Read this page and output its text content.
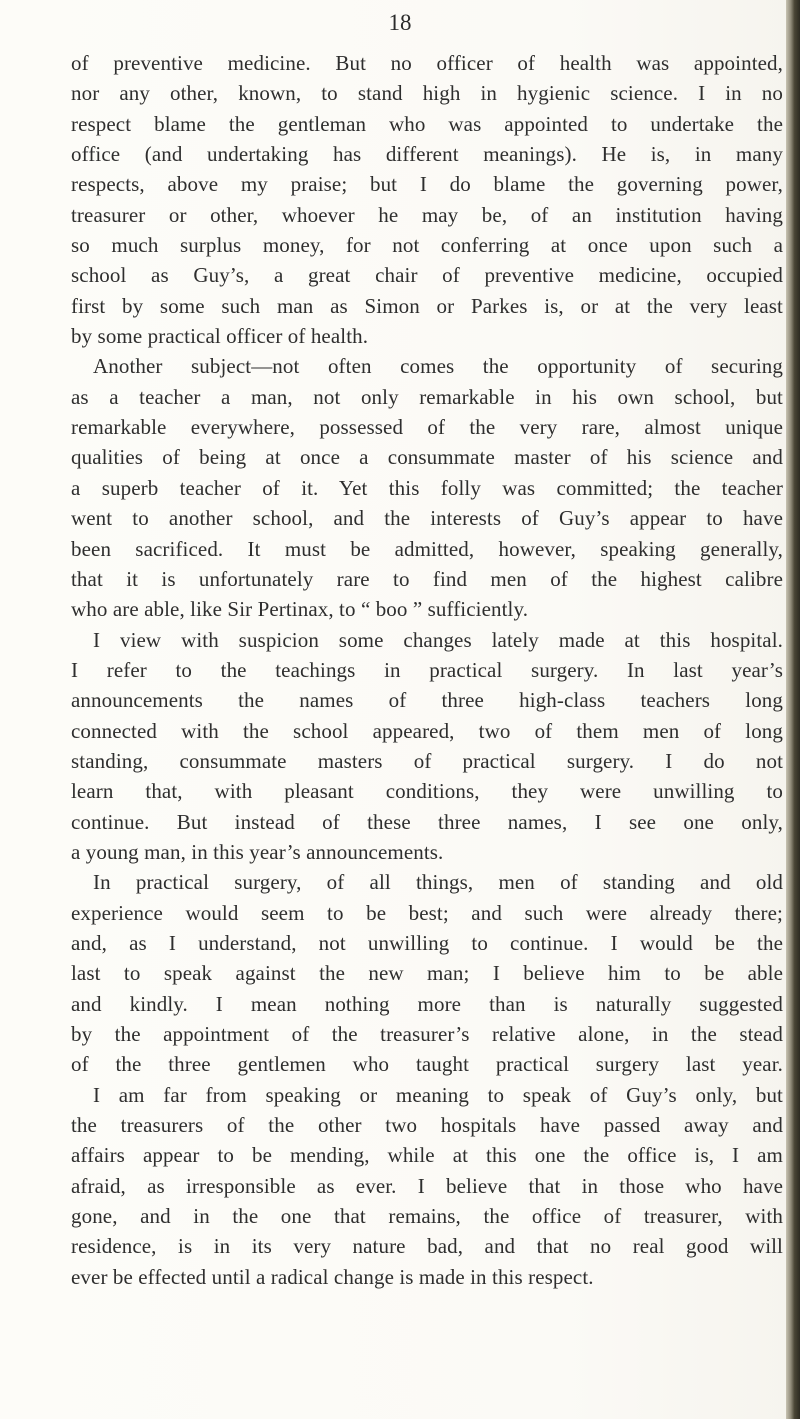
18
of preventive medicine. But no officer of health was appointed,
nor any other, known, to stand high in hygienic science. I in no
respect blame the gentleman who was appointed to undertake the
office (and undertaking has different meanings). He is, in many
respects, above my praise; but I do blame the governing power,
treasurer or other, whoever he may be, of an institution having
so much surplus money, for not conferring at once upon such a
school as Guy’s, a great chair of preventive medicine, occupied
first by some such man as Simon or Parkes is, or at the very least
by some practical officer of health.
Another subject—not often comes the opportunity of securing
as a teacher a man, not only remarkable in his own school, but
remarkable everywhere, possessed of the very rare, almost unique
qualities of being at once a consummate master of his science and
a superb teacher of it. Yet this folly was committed; the teacher
went to another school, and the interests of Guy’s appear to have
been sacrificed. It must be admitted, however, speaking generally,
that it is unfortunately rare to find men of the highest calibre
who are able, like Sir Pertinax, to “ boo ” sufficiently.
I view with suspicion some changes lately made at this hospital.
I refer to the teachings in practical surgery. In last year’s
announcements the names of three high-class teachers long
connected with the school appeared, two of them men of long
standing, consummate masters of practical surgery. I do not
learn that, with pleasant conditions, they were unwilling to
continue. But instead of these three names, I see one only,
a young man, in this year’s announcements.
In practical surgery, of all things, men of standing and old
experience would seem to be best; and such were already there;
and, as I understand, not unwilling to continue. I would be the
last to speak against the new man; I believe him to be able
and kindly. I mean nothing more than is naturally suggested
by the appointment of the treasurer’s relative alone, in the stead
of the three gentlemen who taught practical surgery last year.
I am far from speaking or meaning to speak of Guy’s only, but
the treasurers of the other two hospitals have passed away and
affairs appear to be mending, while at this one the office is, I am
afraid, as irresponsible as ever. I believe that in those who have
gone, and in the one that remains, the office of treasurer, with
residence, is in its very nature bad, and that no real good will
ever be effected until a radical change is made in this respect.
